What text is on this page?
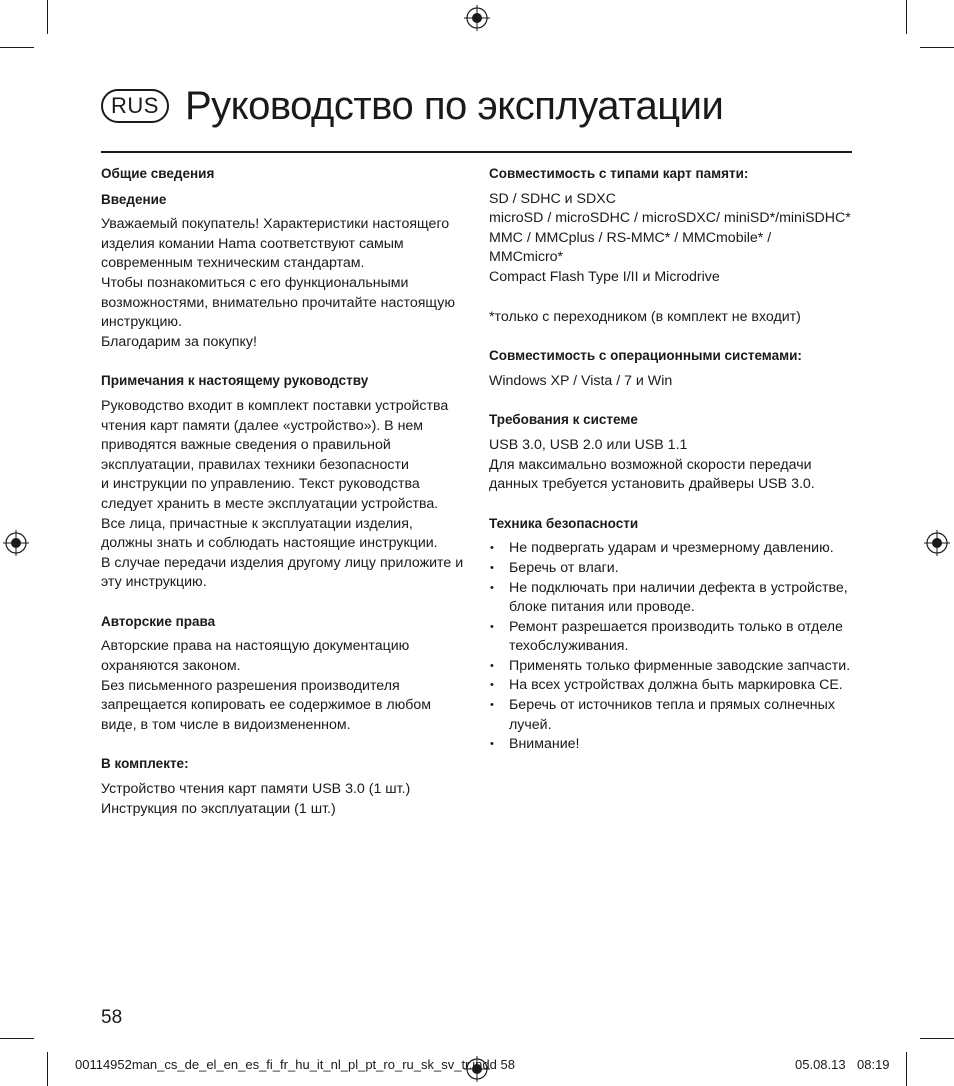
RUS Руководство по эксплуатации

Общие сведения

Введение

Уважаемый покупатель! Характеристики настоящего

изделия комании Hama соответствуют самым

современным техническим стандартам.

Чтобы познакомиться с его функциональными

возможностями, внимательно прочитайте настоящую

инструкцию.

Благодарим за покупку!

Примечания к настоящему руководству

Руководство входит в комплект поставки устройства

чтения карт памяти (далее «устройство»). В нем

приводятся важные сведения о правильной

эксплуатации, правилах техники безопасности

и инструкции по управлению. Текст руководства

следует хранить в месте эксплуатации устройства.

Все лица, причастные к эксплуатации изделия,

должны знать и соблюдать настоящие инструкции.

В случае передачи изделия другому лицу приложите и

эту инструкцию.

Авторские права

Авторские права на настоящую документацию

охраняются законом.

Без письменного разрешения производителя

запрещается копировать ее содержимое в любом

виде, в том числе в видоизмененном.

В комплекте:

Устройство чтения карт памяти USB 3.0 (1 шт.)

Инструкция по эксплуатации (1 шт.)

Совместимость с типами карт памяти:

SD / SDHC и SDXC

microSD / microSDHC / microSDXC/ miniSD*/miniSDHC*

MMC / MMCplus / RS-MMC* / MMCmobile* /

MMCmicro*

Compact Flash Type I/II и Microdrive

*только с переходником (в комплект не входит)

Совместимость с операционными системами:

Windows XP / Vista / 7 и Win

Требования к системе

USB 3.0, USB 2.0 или USB 1.1

Для максимально возможной скорости передачи

данных требуется установить драйверы USB 3.0.

Техника безопасности

• Не подвергать ударам и чрезмерному давлению.
• Беречь от влаги.
• Не подключать при наличии дефекта в устройстве, блоке питания или проводе.
• Ремонт разрешается производить только в отделе техобслуживания.
• Применять только фирменные заводские запчасти.
• На всех устройствах должна быть маркировка CE.
• Беречь от источников тепла и прямых солнечных лучей.
• Внимание!
58
00114952man_cs_de_el_en_es_fi_fr_hu_it_nl_pl_pt_ro_ru_sk_sv_tr.indd 58	05.08.13 08:19
